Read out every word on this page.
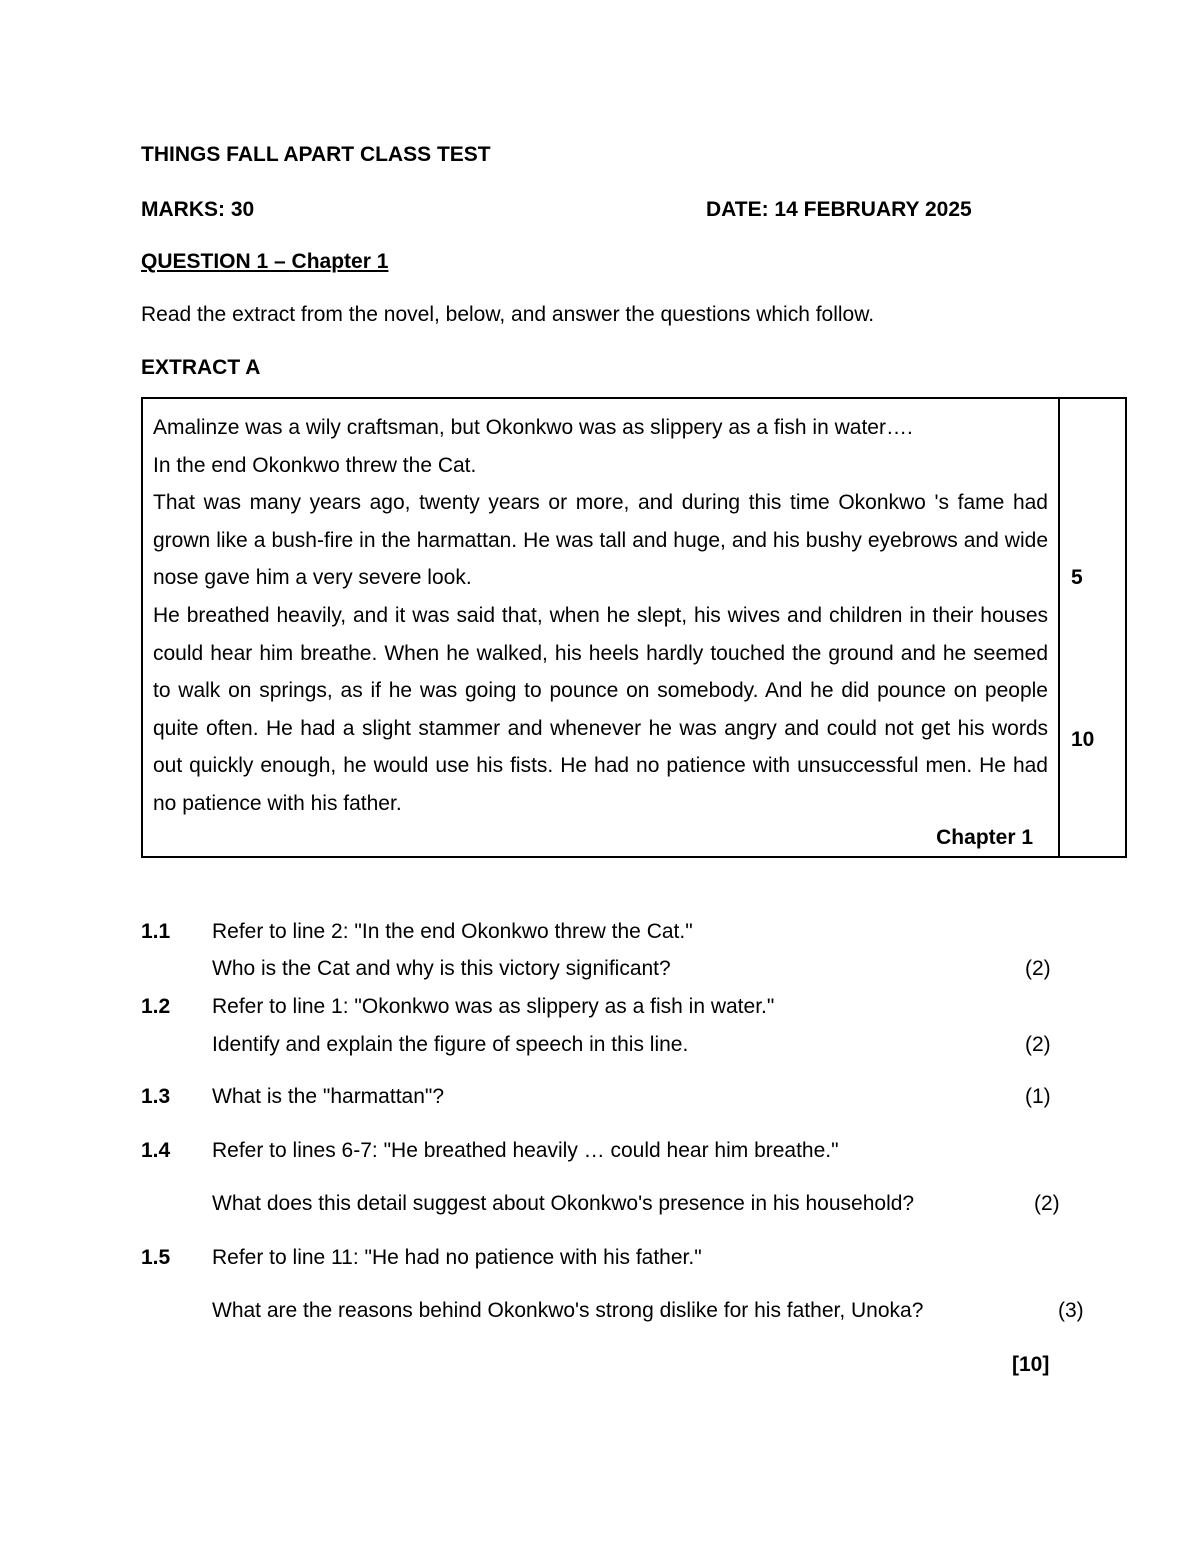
THINGS FALL APART CLASS TEST
MARKS: 30	DATE: 14 FEBRUARY 2025
QUESTION 1 – Chapter 1
Read the extract from the novel, below, and answer the questions which follow.
EXTRACT A

Amalinze was a wily craftsman, but Okonkwo was as slippery as a fish in water….

In the end Okonkwo threw the Cat.

That was many years ago, twenty years or more, and during this time Okonkwo 's fame had grown like a bush-fire in the harmattan. He was tall and huge, and his bushy eyebrows and wide nose gave him a very severe look.

He breathed heavily, and it was said that, when he slept, his wives and children in their houses could hear him breathe. When he walked, his heels hardly touched the ground and he seemed to walk on springs, as if he was going to pounce on somebody. And he did pounce on people quite often. He had a slight stammer and whenever he was angry and could not get his words out quickly enough, he would use his fists. He had no patience with unsuccessful men. He had no patience with his father.

Chapter 1
5
10
1.1 Refer to line 2: "In the end Okonkwo threw the Cat."
Who is the Cat and why is this victory significant?	(2)
1.2 Refer to line 1: "Okonkwo was as slippery as a fish in water."
Identify and explain the figure of speech in this line.	(2)
1.3 What is the "harmattan"?	(1)
1.4 Refer to lines 6-7: "He breathed heavily … could hear him breathe."
What does this detail suggest about Okonkwo's presence in his household?	(2)
1.5 Refer to line 11: "He had no patience with his father."
What are the reasons behind Okonkwo's strong dislike for his father, Unoka?	(3)
[10]
